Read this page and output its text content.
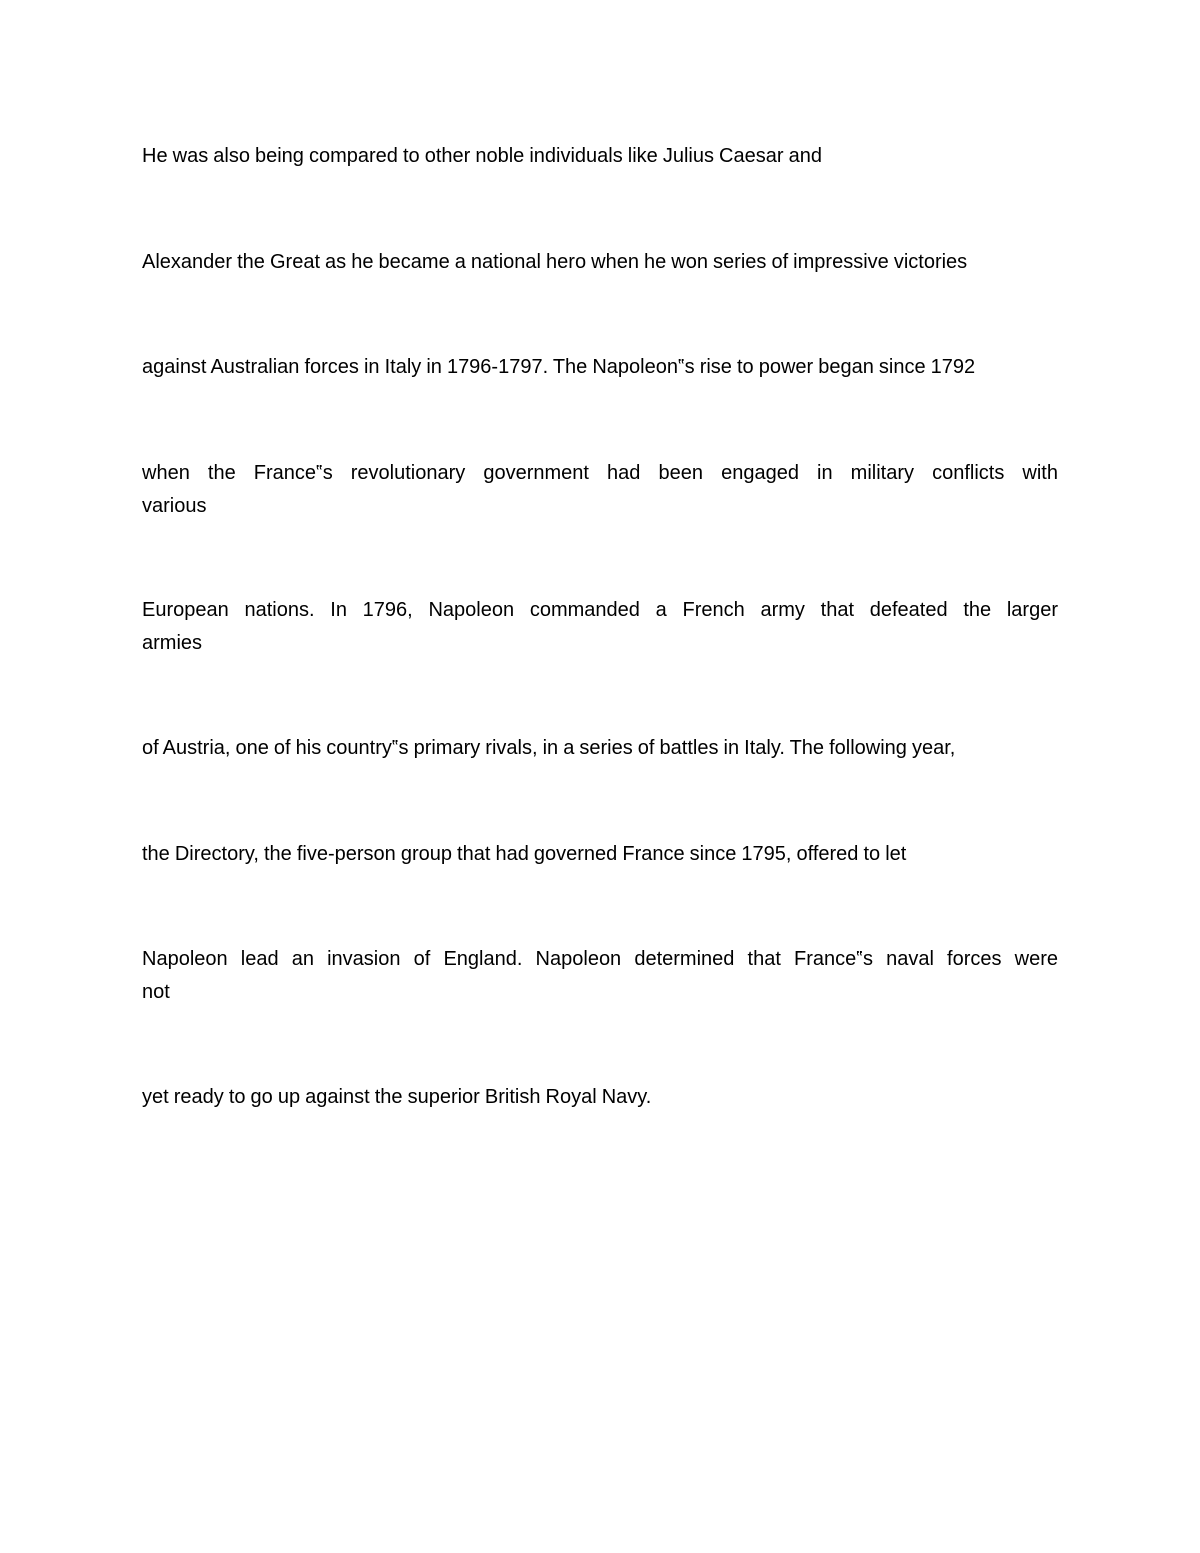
He was also being compared to other noble individuals like Julius Caesar and

Alexander the Great as he became a national hero when he won series of impressive victories

against Australian forces in Italy in 1796-1797. The Napoleon‟s rise to power began since 1792

when the France‟s revolutionary government had been engaged in military conflicts with
various

European nations. In 1796, Napoleon commanded a French army that defeated the larger
armies

of Austria, one of his country‟s primary rivals, in a series of battles in Italy. The following year,

the Directory, the five-person group that had governed France since 1795, offered to let

Napoleon lead an invasion of England. Napoleon determined that France‟s naval forces were
not

yet ready to go up against the superior British Royal Navy.
